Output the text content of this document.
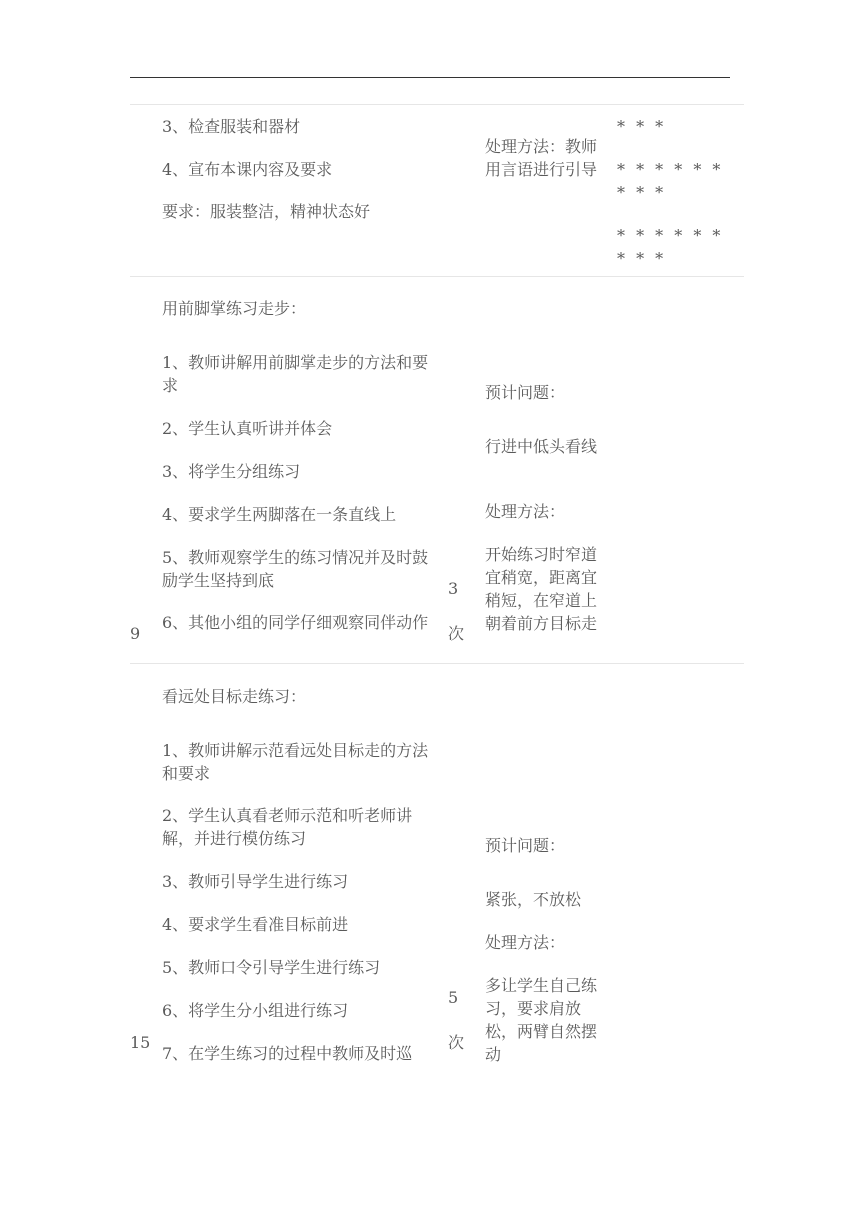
3、检查服装和器材
4、宣布本课内容及要求
要求：服装整洁，精神状态好
处理方法：教师用言语进行引导
* * *
* * * * * * * * *
* * * * * * * * *
用前脚掌练习走步：
1、教师讲解用前脚掌走步的方法和要求
2、学生认真听讲并体会
3、将学生分组练习
4、要求学生两脚落在一条直线上
5、教师观察学生的练习情况并及时鼓励学生坚持到底
6、其他小组的同学仔细观察同伴动作
9
3
次
预计问题：
行进中低头看线
处理方法：
开始练习时窄道宜稍宽，距离宜稍短，在窄道上朝着前方目标走
看远处目标走练习：
1、教师讲解示范看远处目标走的方法和要求
2、学生认真看老师示范和听老师讲解，并进行模仿练习
3、教师引导学生进行练习
4、要求学生看准目标前进
5、教师口令引导学生进行练习
6、将学生分小组进行练习
7、在学生练习的过程中教师及时巡
15
5
次
预计问题：
紧张，不放松
处理方法：
多让学生自己练习，要求肩放松，两臂自然摆动
